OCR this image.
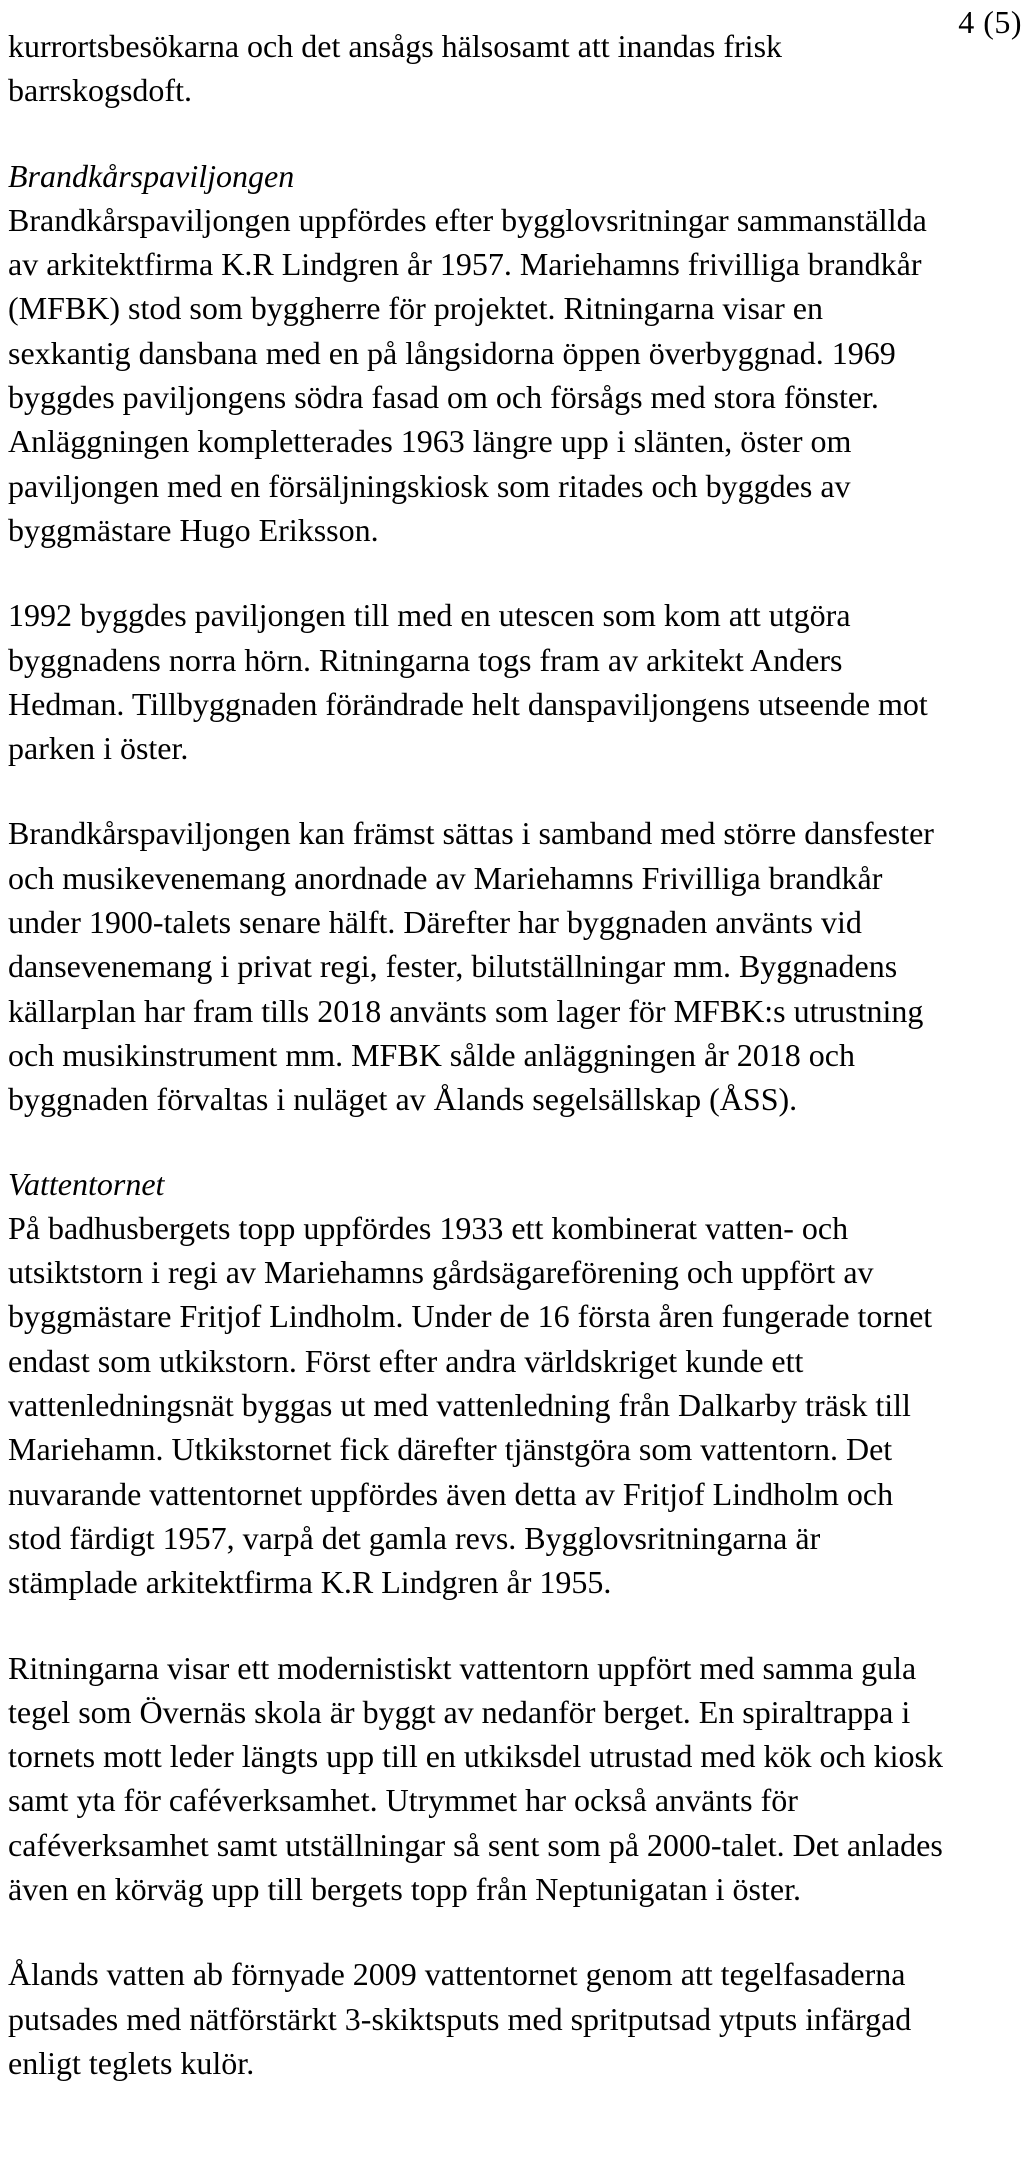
4 (5)
kurrortsbesökarna och det ansågs hälsosamt att inandas frisk
barrskogsdoft.
Brandkårspaviljongen
Brandkårspaviljongen uppfördes efter bygglovsritningar sammanställda
av arkitektfirma K.R Lindgren år 1957. Mariehamns frivilliga brandkår
(MFBK) stod som byggherre för projektet. Ritningarna visar en
sexkantig dansbana med en på långsidorna öppen överbyggnad. 1969
byggdes paviljongens södra fasad om och försågs med stora fönster.
Anläggningen kompletterades 1963 längre upp i slänten, öster om
paviljongen med en försäljningskiosk som ritades och byggdes av
byggmästare Hugo Eriksson.
1992 byggdes paviljongen till med en utescen som kom att utgöra
byggnadens norra hörn. Ritningarna togs fram av arkitekt Anders
Hedman. Tillbyggnaden förändrade helt danspaviljongens utseende mot
parken i öster.
Brandkårspaviljongen kan främst sättas i samband med större dansfester
och musikevenemang anordnade av Mariehamns Frivilliga brandkår
under 1900-talets senare hälft. Därefter har byggnaden använts vid
dansevenemang i privat regi, fester, bilutställningar mm. Byggnadens
källarplan har fram tills 2018 använts som lager för MFBK:s utrustning
och musikinstrument mm. MFBK sålde anläggningen år 2018 och
byggnaden förvaltas i nuläget av Ålands segelsällskap (ÅSS).
Vattentornet
På badhusbergets topp uppfördes 1933 ett kombinerat vatten- och
utsiktstorn i regi av Mariehamns gårdsägareförening och uppfört av
byggmästare Fritjof Lindholm. Under de 16 första åren fungerade tornet
endast som utkikstorn. Först efter andra världskriget kunde ett
vattenledningsnät byggas ut med vattenledning från Dalkarby träsk till
Mariehamn. Utkikstornet fick därefter tjänstgöra som vattentorn. Det
nuvarande vattentornet uppfördes även detta av Fritjof Lindholm och
stod färdigt 1957, varpå det gamla revs. Bygglovsritningarna är
stämplade arkitektfirma K.R Lindgren år 1955.
Ritningarna visar ett modernistiskt vattentorn uppfört med samma gula
tegel som Övernäs skola är byggt av nedanför berget. En spiraltrappa i
tornets mott leder längts upp till en utkiksdel utrustad med kök och kiosk
samt yta för caféverksamhet. Utrymmet har också använts för
caféverksamhet samt utställningar så sent som på 2000-talet. Det anlades
även en körväg upp till bergets topp från Neptunigatan i öster.
Ålands vatten ab förnyade 2009 vattentornet genom att tegelfasaderna
putsades med nätförstärkt 3-skiktsputs med spritputsad ytputs infärgad
enligt teglets kulör.
